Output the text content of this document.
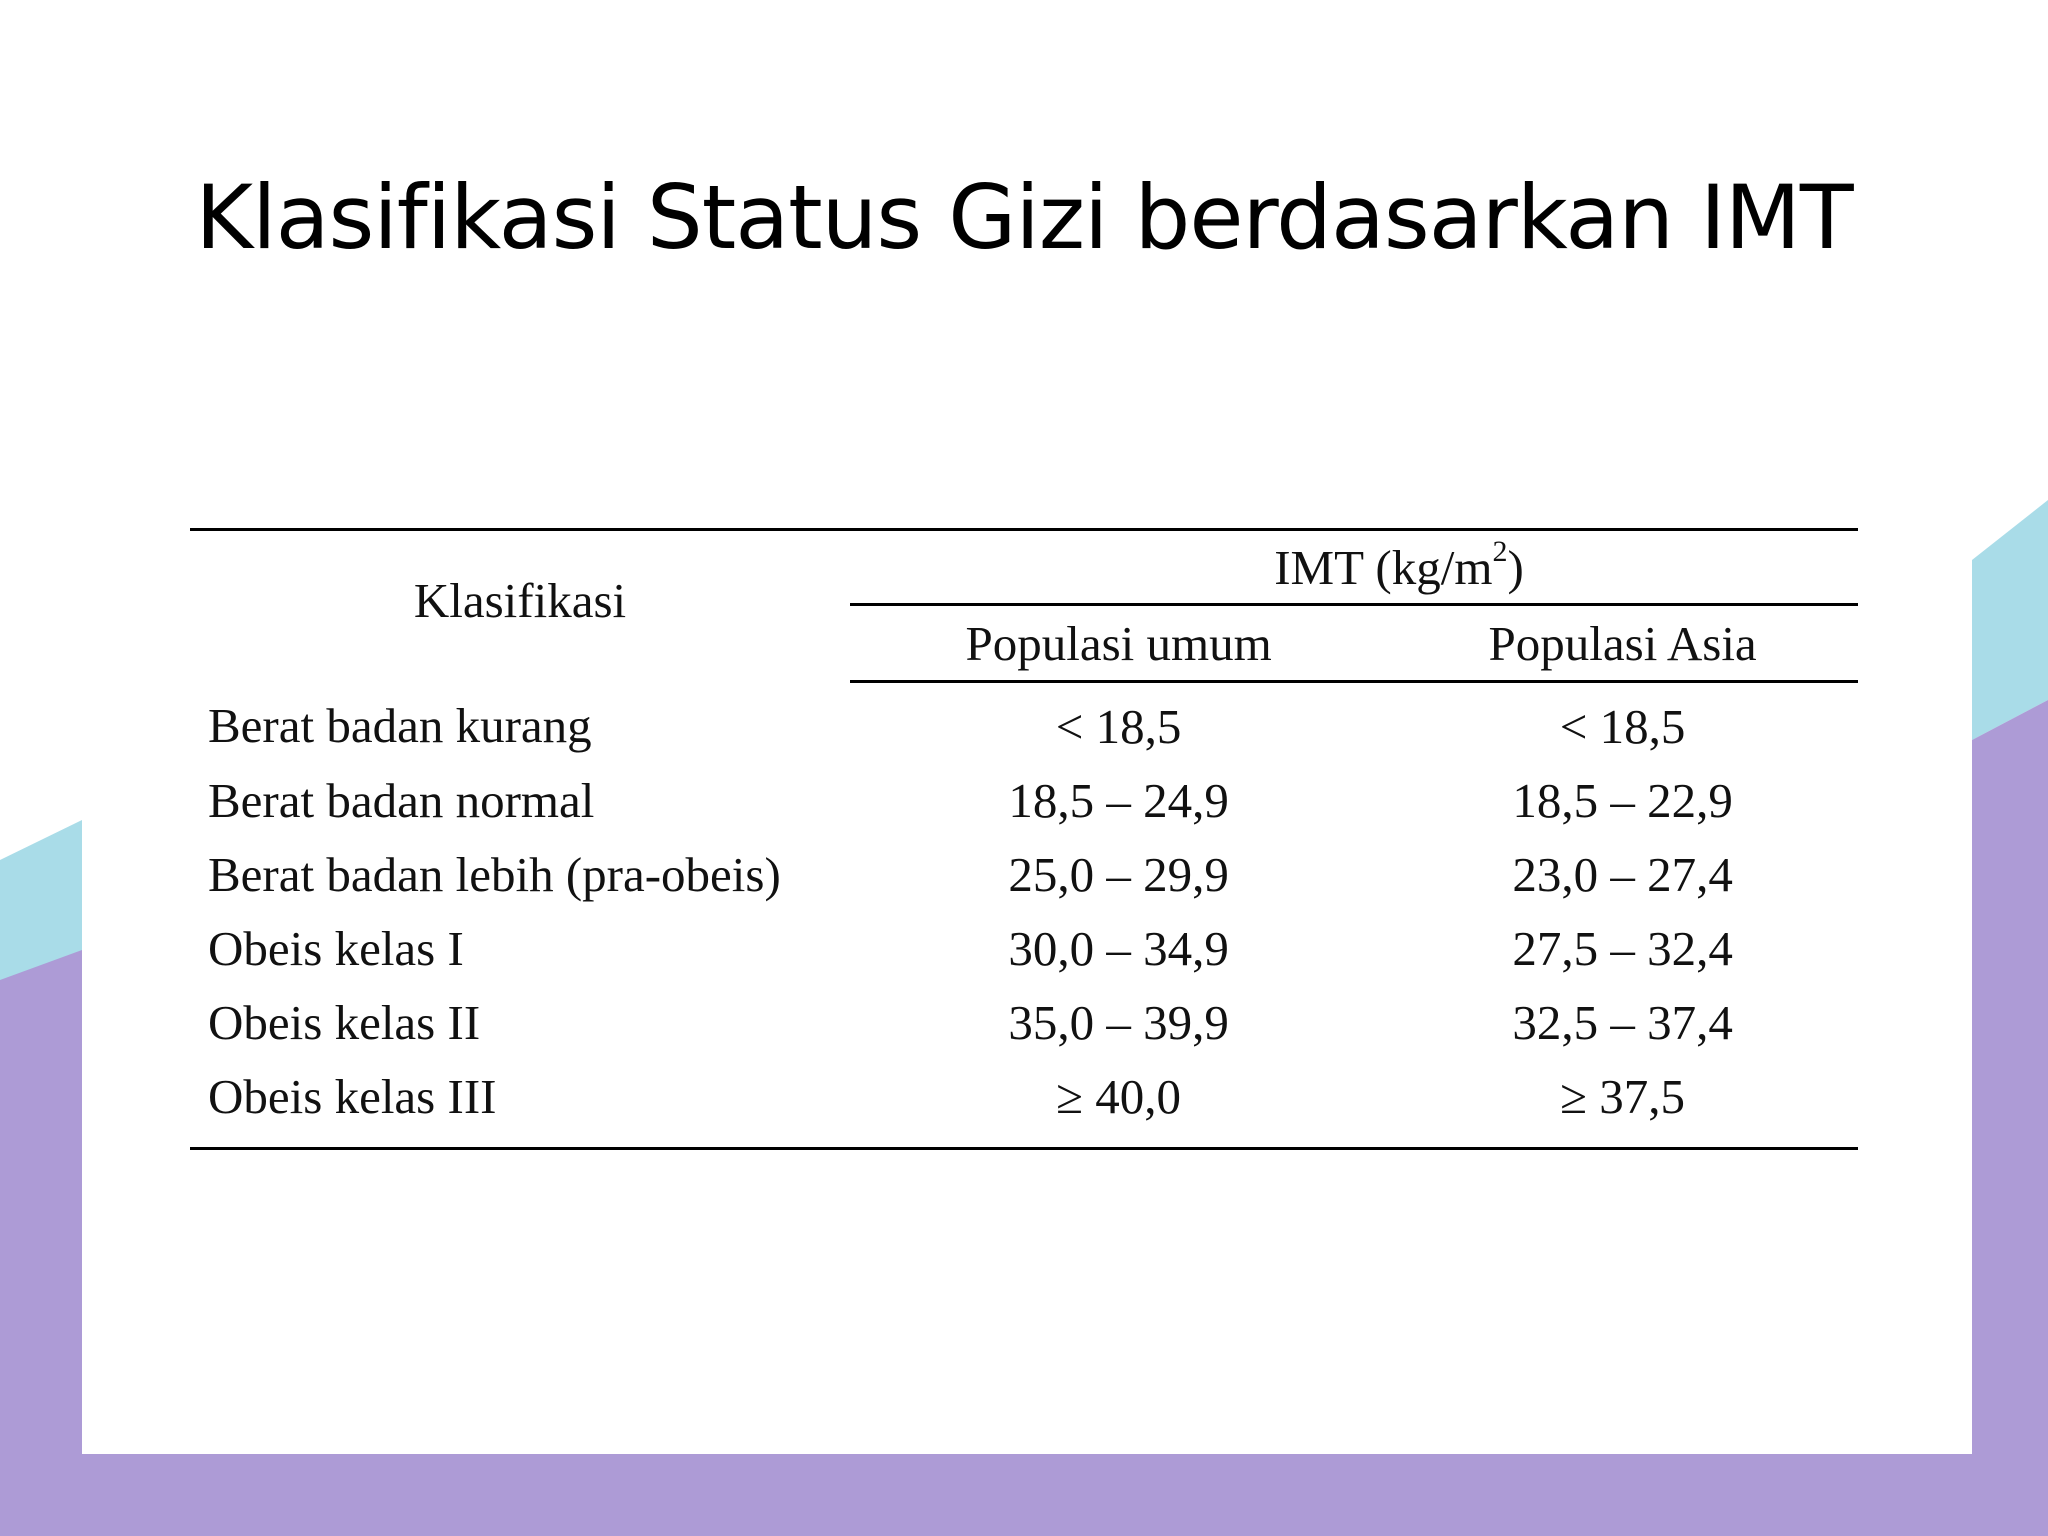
Klasifikasi Status Gizi berdasarkan IMT
Klasifikasi	IMT $(kg/m^2)$	
	Populasi umum	Populasi Asia
Berat badan kurang	< 18,5	< 18,5
Berat badan normal	18,5 – 24,9	18,5 – 22,9
Berat badan lebih (pra-obeis)	25,0 – 29,9	23,0 – 27,4
Obeis kelas I	30,0 – 34,9	27,5 – 32,4
Obeis kelas II	35,0 – 39,9	32,5 – 37,4
Obeis kelas III	≥ 40,0	≥ 37,5
